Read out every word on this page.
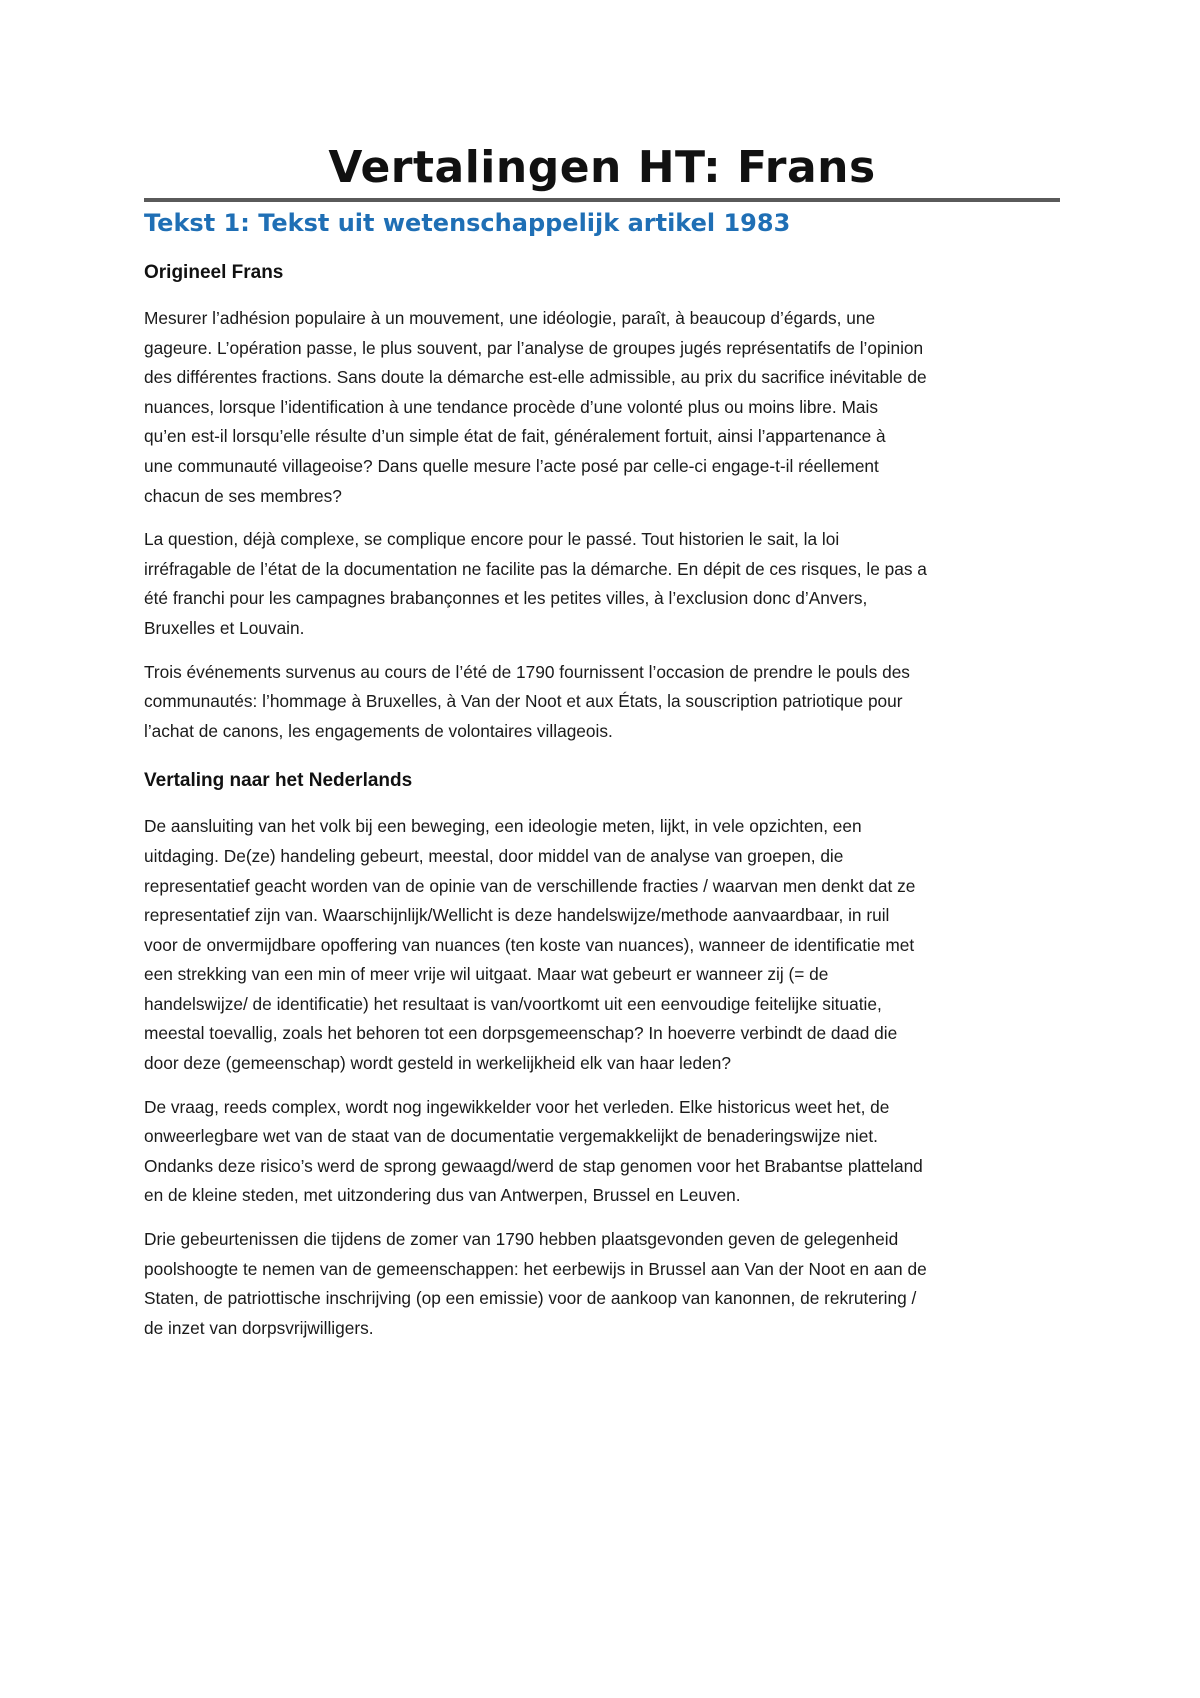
Vertalingen HT: Frans
Tekst 1: Tekst uit wetenschappelijk artikel 1983
Origineel Frans

Mesurer l’adhésion populaire à un mouvement, une idéologie, paraît, à beaucoup d’égards, une
gageure. L’opération passe, le plus souvent, par l’analyse de groupes jugés représentatifs de l’opinion
des différentes fractions. Sans doute la démarche est-elle admissible, au prix du sacrifice inévitable de
nuances, lorsque l’identification à une tendance procède d’une volonté plus ou moins libre. Mais
qu’en est-il lorsqu’elle résulte d’un simple état de fait, généralement fortuit, ainsi l’appartenance à
une communauté villageoise? Dans quelle mesure l’acte posé par celle-ci engage-t-il réellement
chacun de ses membres?

La question, déjà complexe, se complique encore pour le passé. Tout historien le sait, la loi
irréfragable de l’état de la documentation ne facilite pas la démarche. En dépit de ces risques, le pas a
été franchi pour les campagnes brabançonnes et les petites villes, à l’exclusion donc d’Anvers,
Bruxelles et Louvain.

Trois événements survenus au cours de l’été de 1790 fournissent l’occasion de prendre le pouls des
communautés: l’hommage à Bruxelles, à Van der Noot et aux États, la souscription patriotique pour
l’achat de canons, les engagements de volontaires villageois.

Vertaling naar het Nederlands

De aansluiting van het volk bij een beweging, een ideologie meten, lijkt, in vele opzichten, een
uitdaging. De(ze) handeling gebeurt, meestal, door middel van de analyse van groepen, die
representatief geacht worden van de opinie van de verschillende fracties / waarvan men denkt dat ze
representatief zijn van. Waarschijnlijk/Wellicht is deze handelswijze/methode aanvaardbaar, in ruil
voor de onvermijdbare opoffering van nuances (ten koste van nuances), wanneer de identificatie met
een strekking van een min of meer vrije wil uitgaat. Maar wat gebeurt er wanneer zij (= de
handelswijze/ de identificatie) het resultaat is van/voortkomt uit een eenvoudige feitelijke situatie,
meestal toevallig, zoals het behoren tot een dorpsgemeenschap? In hoeverre verbindt de daad die
door deze (gemeenschap) wordt gesteld in werkelijkheid elk van haar leden?

De vraag, reeds complex, wordt nog ingewikkelder voor het verleden. Elke historicus weet het, de
onweerlegbare wet van de staat van de documentatie vergemakkelijkt de benaderingswijze niet.
Ondanks deze risico’s werd de sprong gewaagd/werd de stap genomen voor het Brabantse platteland
en de kleine steden, met uitzondering dus van Antwerpen, Brussel en Leuven.

Drie gebeurtenissen die tijdens de zomer van 1790 hebben plaatsgevonden geven de gelegenheid
poolshoogte te nemen van de gemeenschappen: het eerbewijs in Brussel aan Van der Noot en aan de
Staten, de patriottische inschrijving (op een emissie) voor de aankoop van kanonnen, de rekrutering /
de inzet van dorpsvrijwilligers.
